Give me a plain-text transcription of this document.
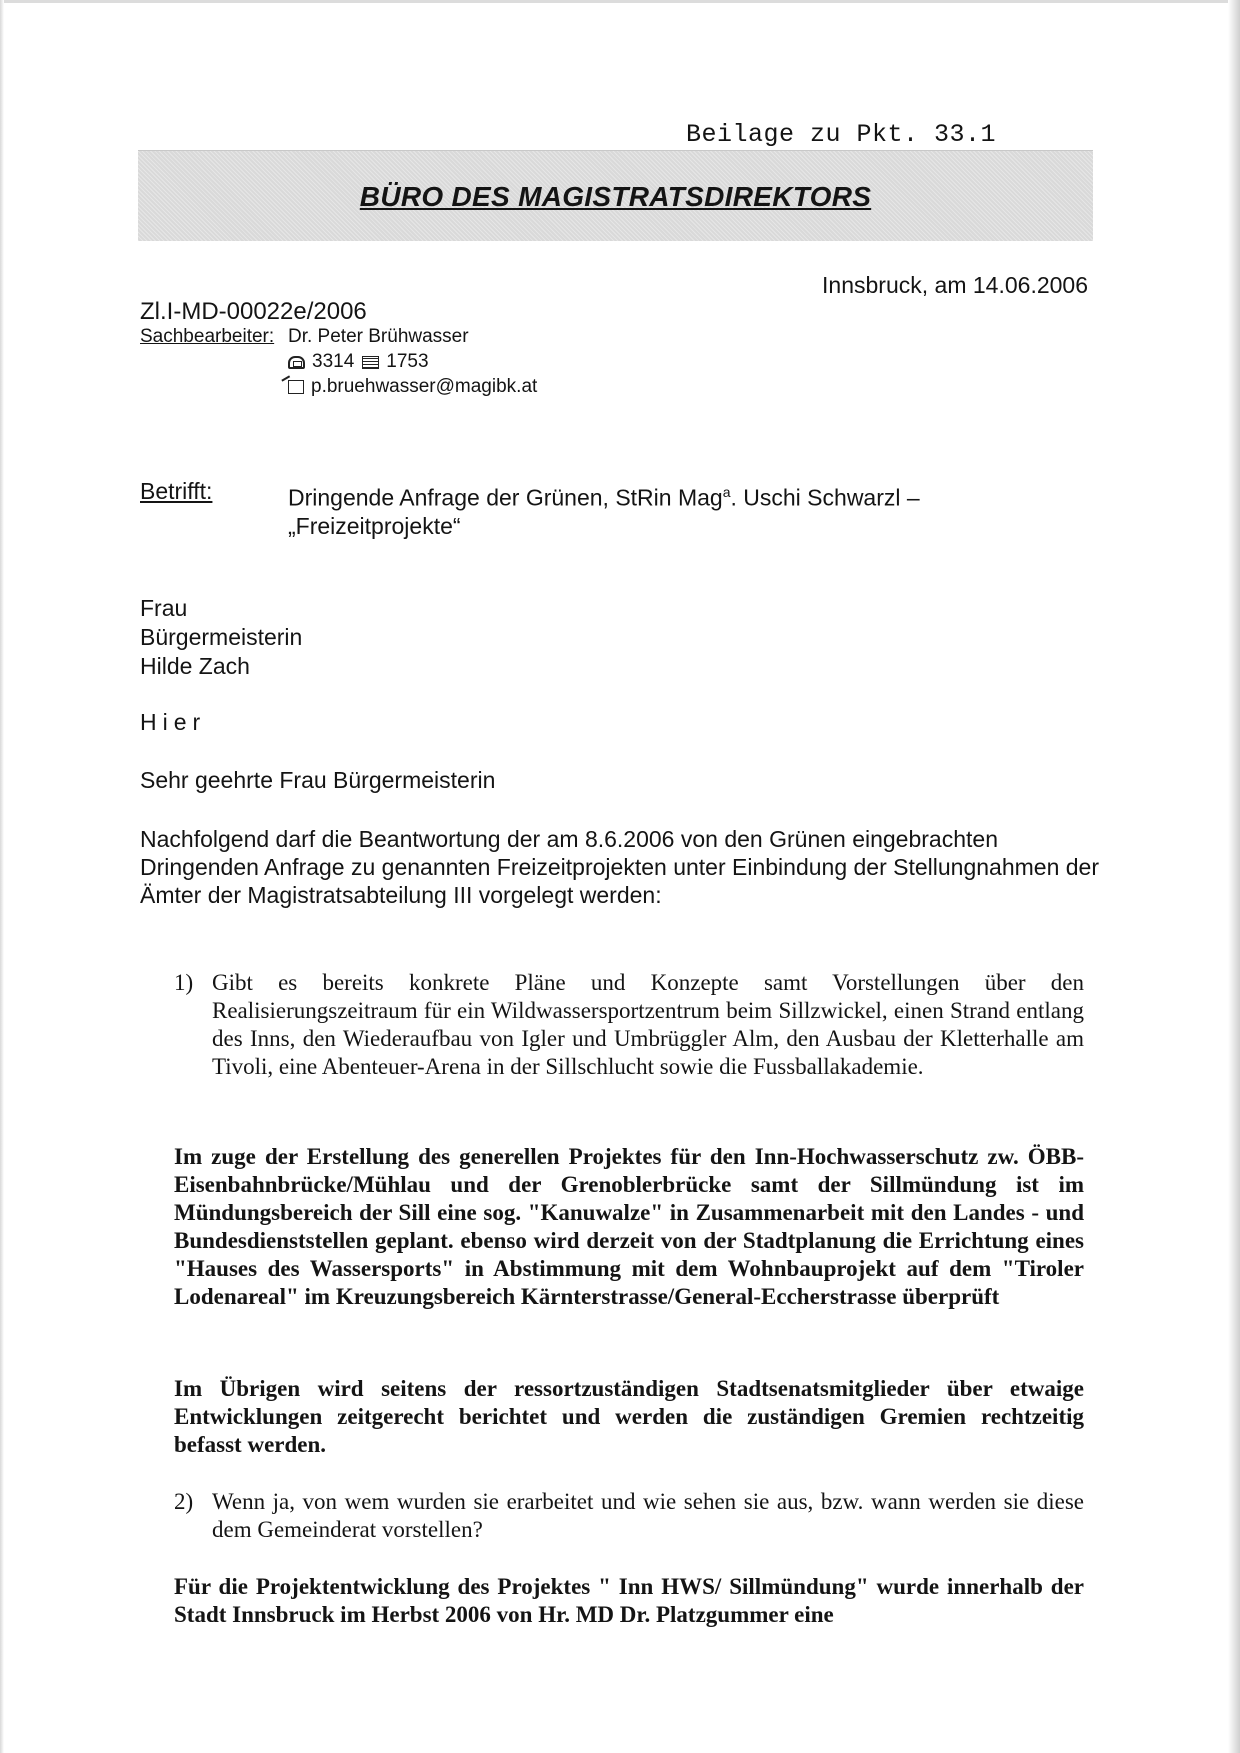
Beilage zu Pkt. 33.1
BÜRO DES MAGISTRATSDIREKTORS
Innsbruck, am 14.06.2006
Zl.I-MD-00022e/2006
Sachbearbeiter: Dr. Peter Brühwasser
3314 1753
p.bruehwasser@magibk.at
Betrifft:	Dringende Anfrage der Grünen, StRin Mag$^a$. Uschi Schwarzl –
„Freizeitprojekte“
Frau
Bürgermeisterin
Hilde Zach
Hier
Sehr geehrte Frau Bürgermeisterin
Nachfolgend darf die Beantwortung der am 8.6.2006 von den Grünen eingebrachten Dringenden Anfrage zu genannten Freizeitprojekten unter Einbindung der Stellungnahmen der Ämter der Magistratsabteilung III vorgelegt werden:
1) Gibt es bereits konkrete Pläne und Konzepte samt Vorstellungen über den Realisierungszeitraum für ein Wildwassersportzentrum beim Sillzwickel, einen Strand entlang des Inns, den Wiederaufbau von Igler und Umbrüggler Alm, den Ausbau der Kletterhalle am Tivoli, eine Abenteuer-Arena in der Sillschlucht sowie die Fussballakademie.
Im zuge der Erstellung des generellen Projektes für den Inn-Hochwasserschutz zw. ÖBB-Eisenbahnbrücke/Mühlau und der Grenoblerbrücke samt der Sillmündung ist im Mündungsbereich der Sill eine sog. "Kanuwalze" in Zusammenarbeit mit den Landes - und Bundesdienststellen geplant. ebenso wird derzeit von der Stadtplanung die Errichtung eines "Hauses des Wassersports" in Abstimmung mit dem Wohnbauprojekt auf dem "Tiroler Lodenareal" im Kreuzungsbereich Kärnterstrasse/General-Eccherstrasse überprüft
Im Übrigen wird seitens der ressortzuständigen Stadtsenatsmitglieder über etwaige Entwicklungen zeitgerecht berichtet und werden die zuständigen Gremien rechtzeitig befasst werden.
2) Wenn ja, von wem wurden sie erarbeitet und wie sehen sie aus, bzw. wann werden sie diese dem Gemeinderat vorstellen?
Für die Projektentwicklung des Projektes " Inn HWS/ Sillmündung" wurde innerhalb der Stadt Innsbruck im Herbst 2006 von Hr. MD Dr. Platzgummer eine
